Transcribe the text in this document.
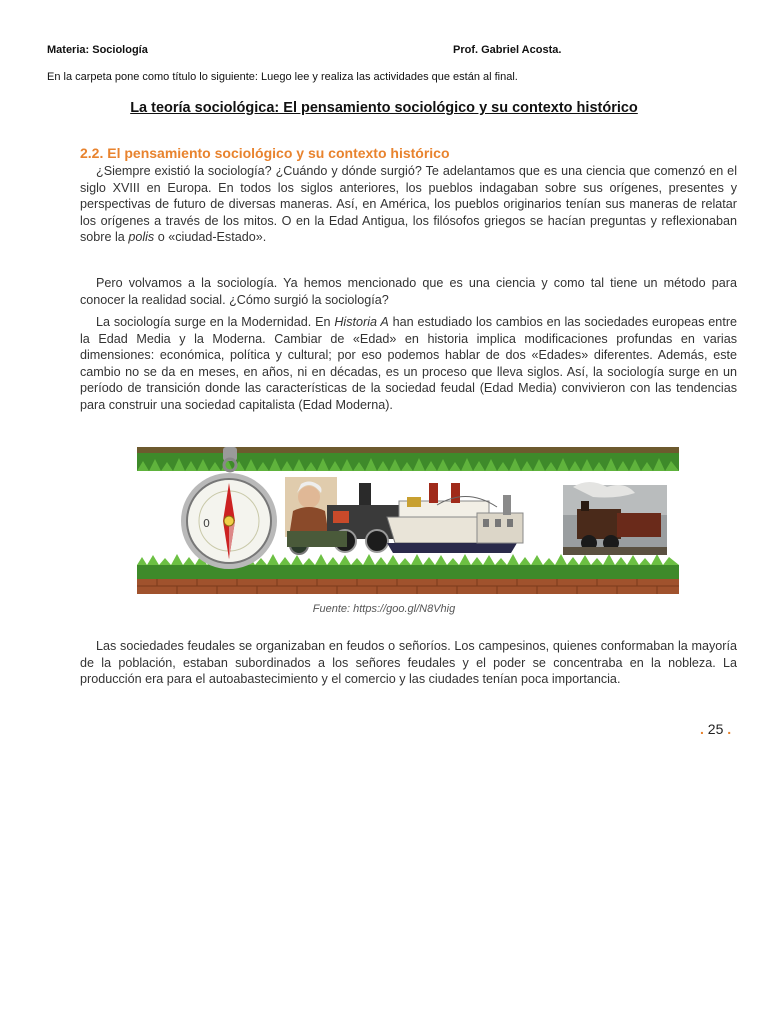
Materia: Sociología	Prof. Gabriel Acosta.
En la carpeta pone como título lo siguiente: Luego lee y realiza las actividades que están al final.
La teoría sociológica: El pensamiento sociológico y su contexto histórico
2.2. El pensamiento sociológico y su contexto histórico

¿Siempre existió la sociología? ¿Cuándo y dónde surgió? Te adelantamos que es una ciencia que comenzó en el siglo XVIII en Europa. En todos los siglos anteriores, los pueblos indagaban sobre sus orígenes, presentes y perspectivas de futuro de diversas maneras. Así, en América, los pueblos originarios tenían sus maneras de relatar los orígenes a través de los mitos. O en la Edad Antigua, los filósofos griegos se hacían preguntas y reflexionaban sobre la polis o «ciudad-Estado».

Pero volvamos a la sociología. Ya hemos mencionado que es una ciencia y como tal tiene un método para conocer la realidad social. ¿Cómo surgió la sociología?

La sociología surge en la Modernidad. En Historia A han estudiado los cambios en las sociedades europeas entre la Edad Media y la Moderna. Cambiar de «Edad» en historia implica modificaciones profundas en varias dimensiones: económica, política y cultural; por eso podemos hablar de dos «Edades» diferentes. Además, este cambio no se da en meses, en años, ni en décadas, es un proceso que lleva siglos. Así, la sociología surge en un período de transición donde las características de la sociedad feudal (Edad Media) convivieron con las tendencias para construir una sociedad capitalista (Edad Moderna).

0
Fuente: https://goo.gl/N8Vhig

Las sociedades feudales se organizaban en feudos o señoríos. Los campesinos, quienes conformaban la mayoría de la población, estaban subordinados a los señores feudales y el poder se concentraba en la nobleza. La producción era para el autoabastecimiento y el comercio y las ciudades tenían poca importancia.

. 25 .
